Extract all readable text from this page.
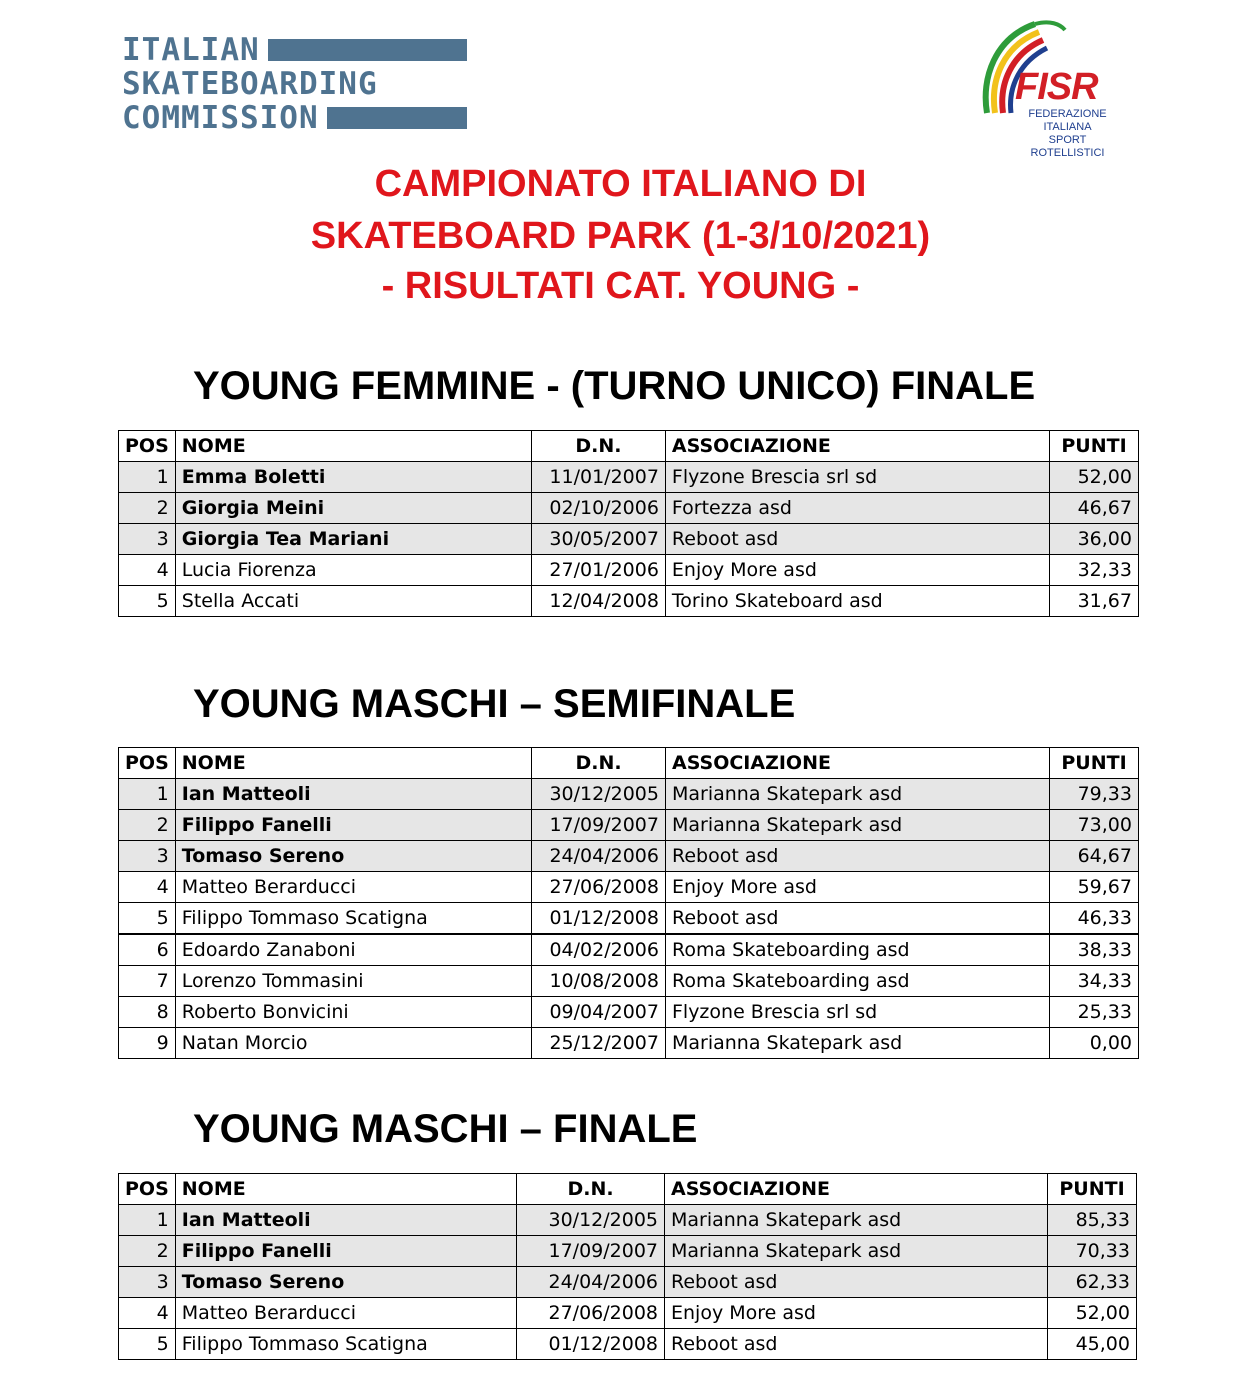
ITALIAN
SKATEBOARDING
COMMISSION
FISR
FEDERAZIONE ITALIANA
SPORT ROTELLISTICI
CAMPIONATO ITALIANO DI
SKATEBOARD PARK (1-3/10/2021)
- RISULTATI CAT. YOUNG -
YOUNG FEMMINE - (TURNO UNICO) FINALE
POS	NOME	D.N.	ASSOCIAZIONE	PUNTI
1	Emma Boletti	11/01/2007	Flyzone Brescia srl sd	52,00
2	Giorgia Meini	02/10/2006	Fortezza asd	46,67
3	Giorgia Tea Mariani	30/05/2007	Reboot asd	36,00
4	Lucia Fiorenza	27/01/2006	Enjoy More asd	32,33
5	Stella Accati	12/04/2008	Torino Skateboard asd	31,67
YOUNG MASCHI – SEMIFINALE
POS	NOME	D.N.	ASSOCIAZIONE	PUNTI
1	Ian Matteoli	30/12/2005	Marianna Skatepark asd	79,33
2	Filippo Fanelli	17/09/2007	Marianna Skatepark asd	73,00
3	Tomaso Sereno	24/04/2006	Reboot asd	64,67
4	Matteo Berarducci	27/06/2008	Enjoy More asd	59,67
5	Filippo Tommaso Scatigna	01/12/2008	Reboot asd	46,33
6	Edoardo Zanaboni	04/02/2006	Roma Skateboarding asd	38,33
7	Lorenzo Tommasini	10/08/2008	Roma Skateboarding asd	34,33
8	Roberto Bonvicini	09/04/2007	Flyzone Brescia srl sd	25,33
9	Natan Morcio	25/12/2007	Marianna Skatepark asd	0,00
YOUNG MASCHI – FINALE
POS	NOME	D.N.	ASSOCIAZIONE	PUNTI
1	Ian Matteoli	30/12/2005	Marianna Skatepark asd	85,33
2	Filippo Fanelli	17/09/2007	Marianna Skatepark asd	70,33
3	Tomaso Sereno	24/04/2006	Reboot asd	62,33
4	Matteo Berarducci	27/06/2008	Enjoy More asd	52,00
5	Filippo Tommaso Scatigna	01/12/2008	Reboot asd	45,00
